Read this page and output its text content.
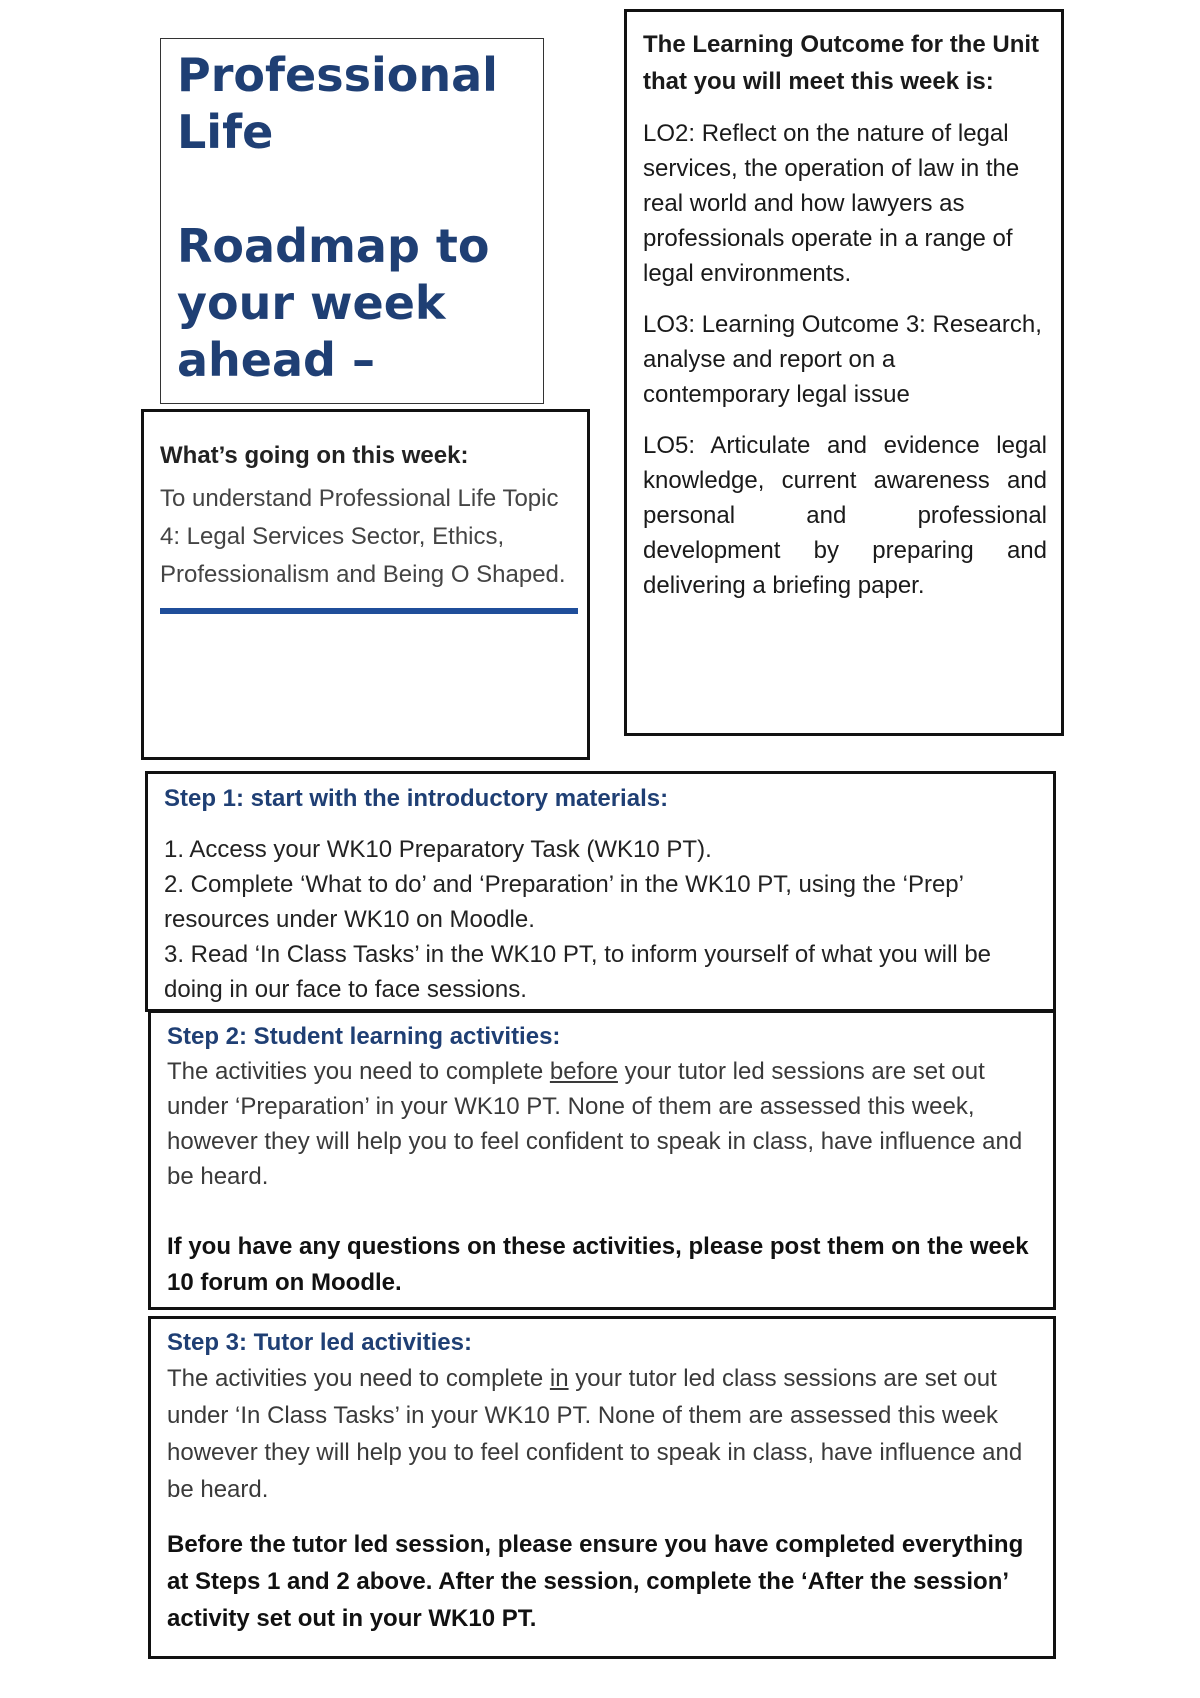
Professional
Life
Roadmap to
your week
ahead –

What’s going on this week:

To understand Professional Life Topic 4: Legal Services Sector, Ethics, Professionalism and Being O Shaped.

The Learning Outcome for the Unit that you will meet this week is:

LO2: Reflect on the nature of legal services, the operation of law in the real world and how lawyers as professionals operate in a range of legal environments.

LO3: Learning Outcome 3: Research, analyse and report on a contemporary legal issue

LO5: Articulate and evidence legal knowledge, current awareness and personal and professional development by preparing and delivering a briefing paper.

Step 1: start with the introductory materials:

1. Access your WK10 Preparatory Task (WK10 PT).

2. Complete ‘What to do’ and ‘Preparation’ in the WK10 PT, using the ‘Prep’ resources under WK10 on Moodle.

3. Read ‘In Class Tasks’ in the WK10 PT, to inform yourself of what you will be doing in our face to face sessions.

Step 2: Student learning activities:

The activities you need to complete before your tutor led sessions are set out under ‘Preparation’ in your WK10 PT. None of them are assessed this week, however they will help you to feel confident to speak in class, have influence and be heard.

If you have any questions on these activities, please post them on the week 10 forum on Moodle.

Step 3: Tutor led activities:

The activities you need to complete in your tutor led class sessions are set out under ‘In Class Tasks’ in your WK10 PT. None of them are assessed this week however they will help you to feel confident to speak in class, have influence and be heard.

Before the tutor led session, please ensure you have completed everything at Steps 1 and 2 above. After the session, complete the ‘After the session’ activity set out in your WK10 PT.
